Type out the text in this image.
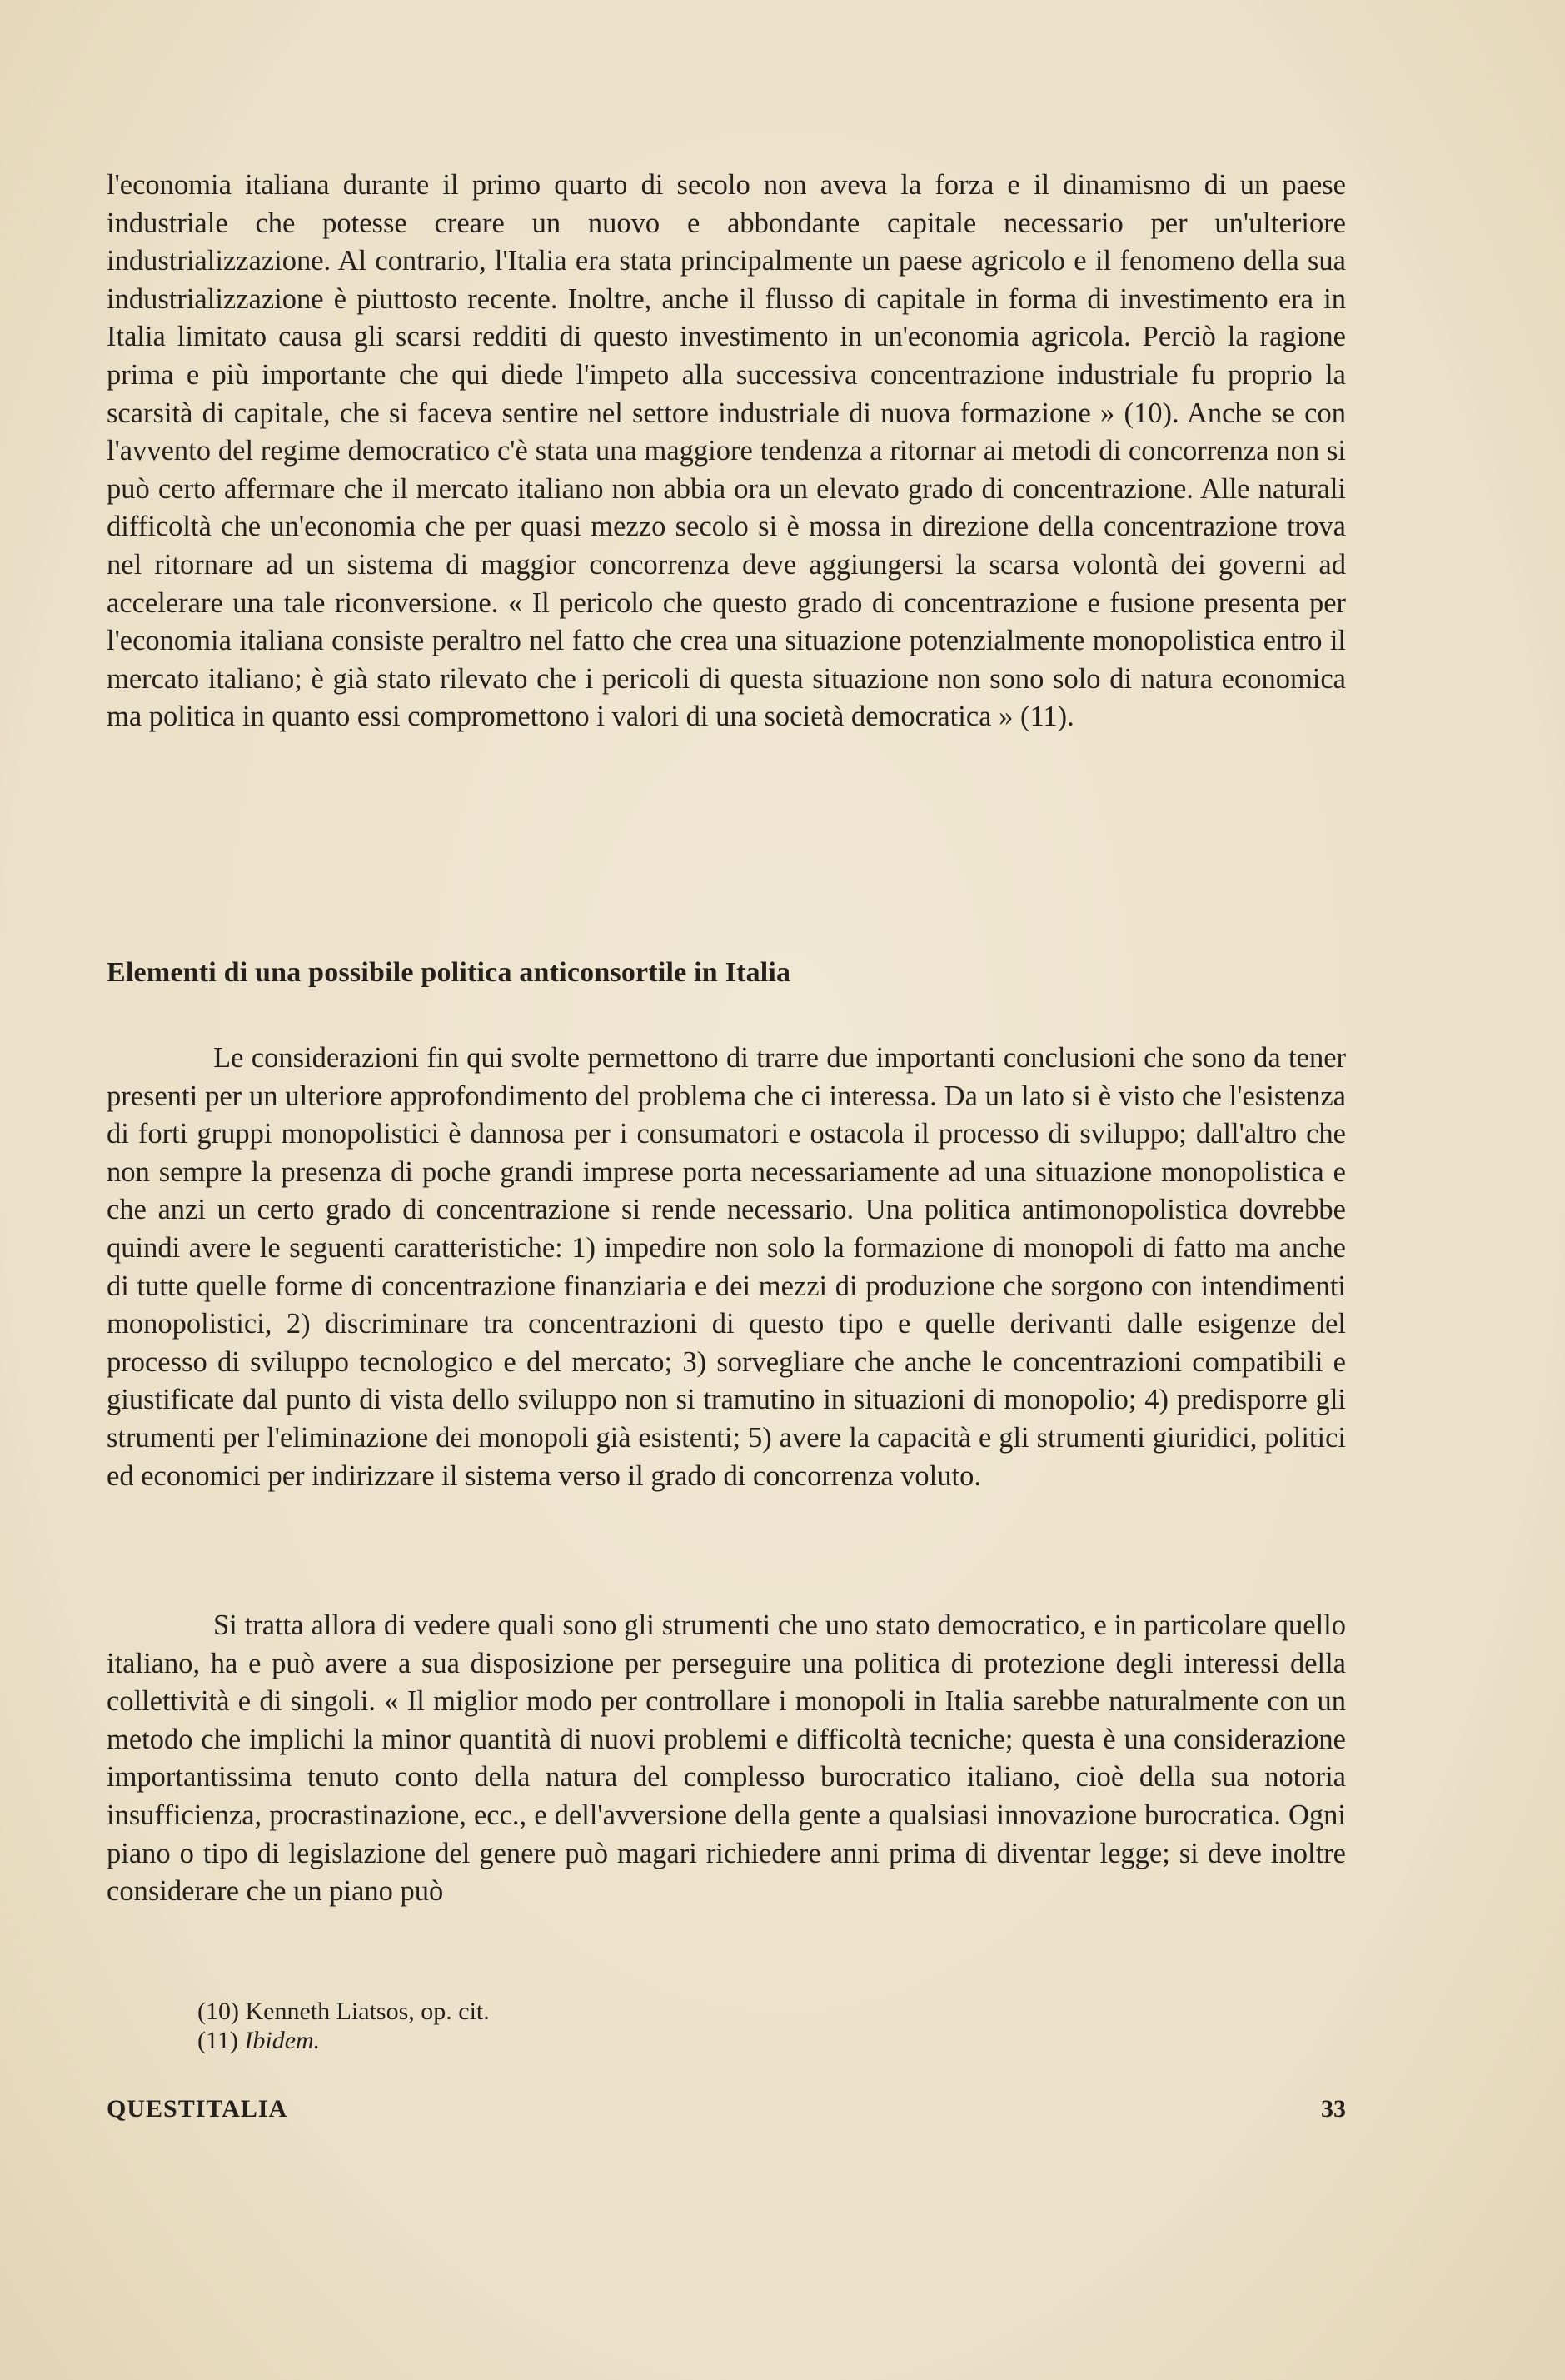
l'economia italiana durante il primo quarto di secolo non aveva la forza e il dinamismo di un paese industriale che potesse creare un nuovo e abbondante capitale necessario per un'ulteriore industrializzazione. Al contrario, l'Italia era stata principalmente un paese agricolo e il fenomeno della sua industrializzazione è piuttosto recente. Inoltre, anche il flusso di capitale in forma di investimento era in Italia limitato causa gli scarsi redditi di questo investimento in un'economia agricola. Perciò la ragione prima e più importante che qui diede l'impeto alla successiva concentrazione industriale fu proprio la scarsità di capitale, che si faceva sentire nel settore industriale di nuova formazione » (10). Anche se con l'avvento del regime democratico c'è stata una maggiore tendenza a ritornar ai metodi di concorrenza non si può certo affermare che il mercato italiano non abbia ora un elevato grado di concentrazione. Alle naturali difficoltà che un'economia che per quasi mezzo secolo si è mossa in direzione della concentrazione trova nel ritornare ad un sistema di maggior concorrenza deve aggiungersi la scarsa volontà dei governi ad accelerare una tale riconversione. « Il pericolo che questo grado di concentrazione e fusione presenta per l'economia italiana consiste peraltro nel fatto che crea una situazione potenzialmente monopolistica entro il mercato italiano; è già stato rilevato che i pericoli di questa situazione non sono solo di natura economica ma politica in quanto essi compromettono i valori di una società democratica » (11).

Elementi di una possibile politica anticonsortile in Italia

Le considerazioni fin qui svolte permettono di trarre due importanti conclusioni che sono da tener presenti per un ulteriore approfondimento del problema che ci interessa. Da un lato si è visto che l'esistenza di forti gruppi monopolistici è dannosa per i consumatori e ostacola il processo di sviluppo; dall'altro che non sempre la presenza di poche grandi imprese porta necessariamente ad una situazione monopolistica e che anzi un certo grado di concentrazione si rende necessario. Una politica antimonopolistica dovrebbe quindi avere le seguenti caratteristiche: 1) impedire non solo la formazione di monopoli di fatto ma anche di tutte quelle forme di concentrazione finanziaria e dei mezzi di produzione che sorgono con intendimenti monopolistici, 2) discriminare tra concentrazioni di questo tipo e quelle derivanti dalle esigenze del processo di sviluppo tecnologico e del mercato; 3) sorvegliare che anche le concentrazioni compatibili e giustificate dal punto di vista dello sviluppo non si tramutino in situazioni di monopolio; 4) predisporre gli strumenti per l'eliminazione dei monopoli già esistenti; 5) avere la capacità e gli strumenti giuridici, politici ed economici per indirizzare il sistema verso il grado di concorrenza voluto.

Si tratta allora di vedere quali sono gli strumenti che uno stato democratico, e in particolare quello italiano, ha e può avere a sua disposizione per perseguire una politica di protezione degli interessi della collettività e di singoli. « Il miglior modo per controllare i monopoli in Italia sarebbe naturalmente con un metodo che implichi la minor quantità di nuovi problemi e difficoltà tecniche; questa è una considerazione importantissima tenuto conto della natura del complesso burocratico italiano, cioè della sua notoria insufficienza, procrastinazione, ecc., e dell'avversione della gente a qualsiasi innovazione burocratica. Ogni piano o tipo di legislazione del genere può magari richiedere anni prima di diventar legge; si deve inoltre considerare che un piano può

(10) Kenneth Liatsos, op. cit.
(11) Ibidem.
QUESTITALIA	33
